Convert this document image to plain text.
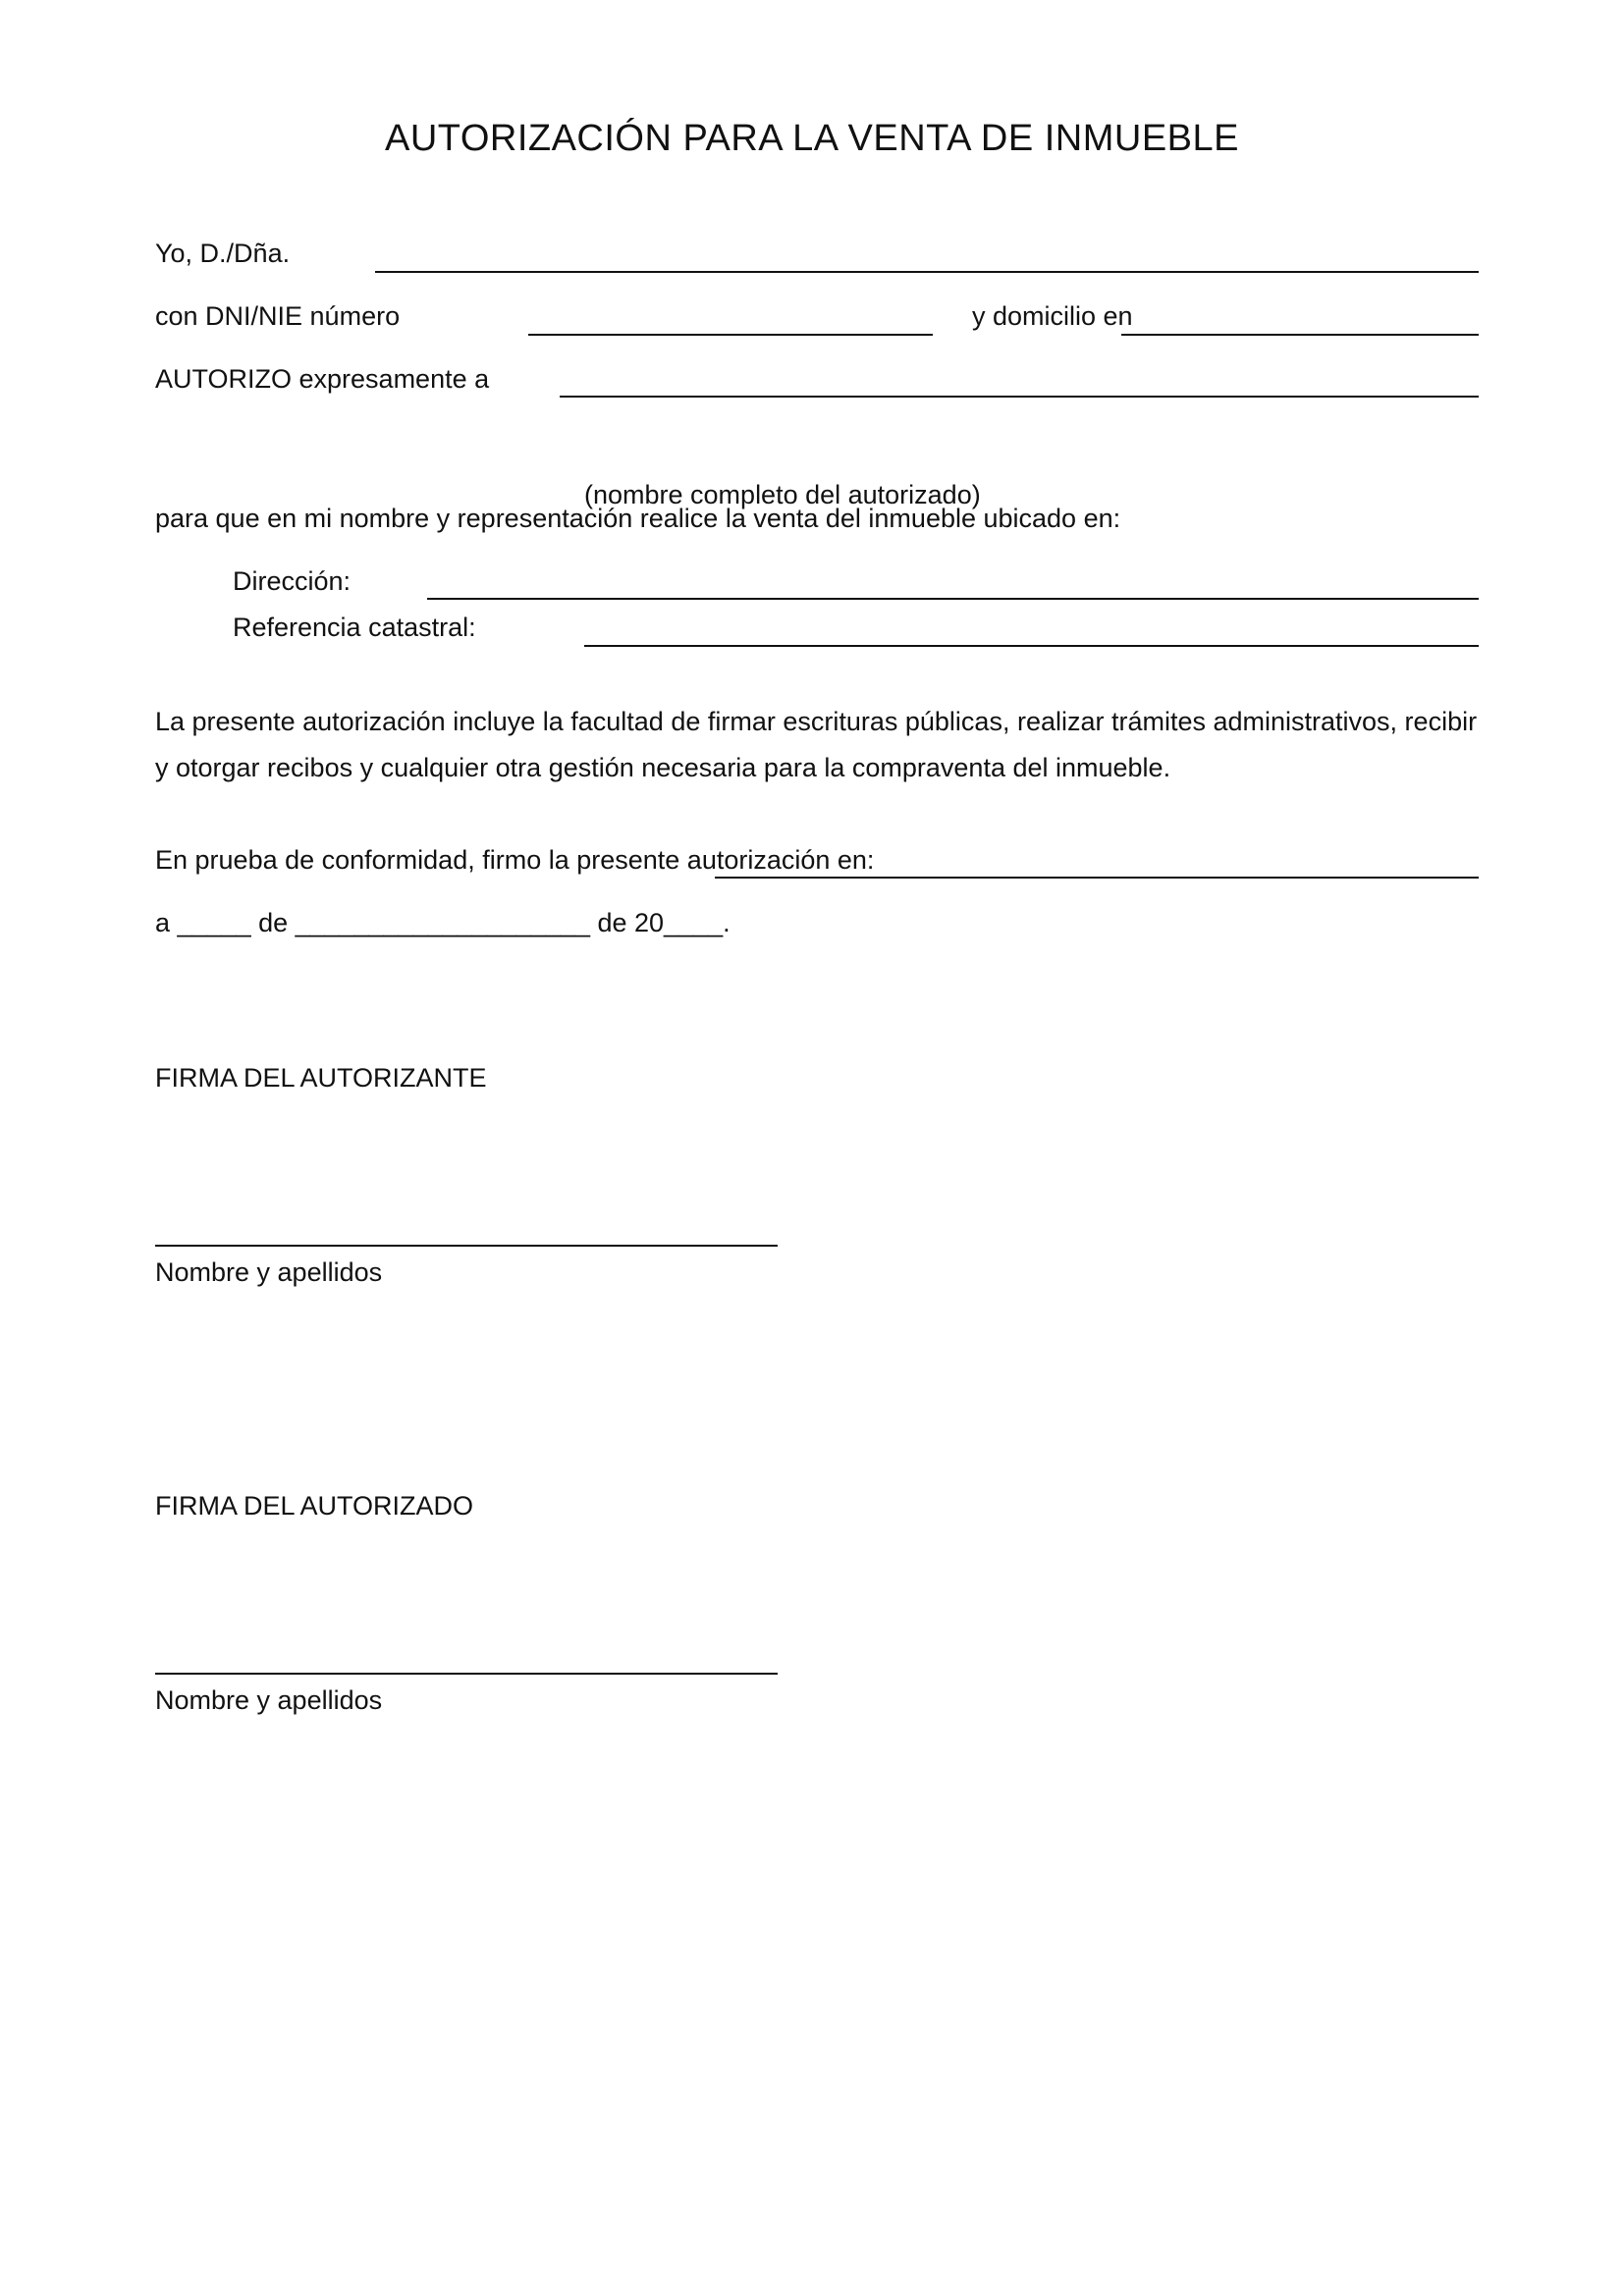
AUTORIZACIÓN PARA LA VENTA DE INMUEBLE
Yo, D./Dña.
con DNI/NIE número	y domicilio en
AUTORIZO expresamente a
(nombre completo del autorizado)
para que en mi nombre y representación realice la venta del inmueble ubicado en:
Dirección:
Referencia catastral:
La presente autorización incluye la facultad de firmar escrituras públicas, realizar trámites administrativos, recibir y otorgar recibos y cualquier otra gestión necesaria para la compraventa del inmueble.
En prueba de conformidad, firmo la presente autorización en:
a _____ de ____________________ de 20____.
FIRMA DEL AUTORIZANTE
Nombre y apellidos
FIRMA DEL AUTORIZADO
Nombre y apellidos
